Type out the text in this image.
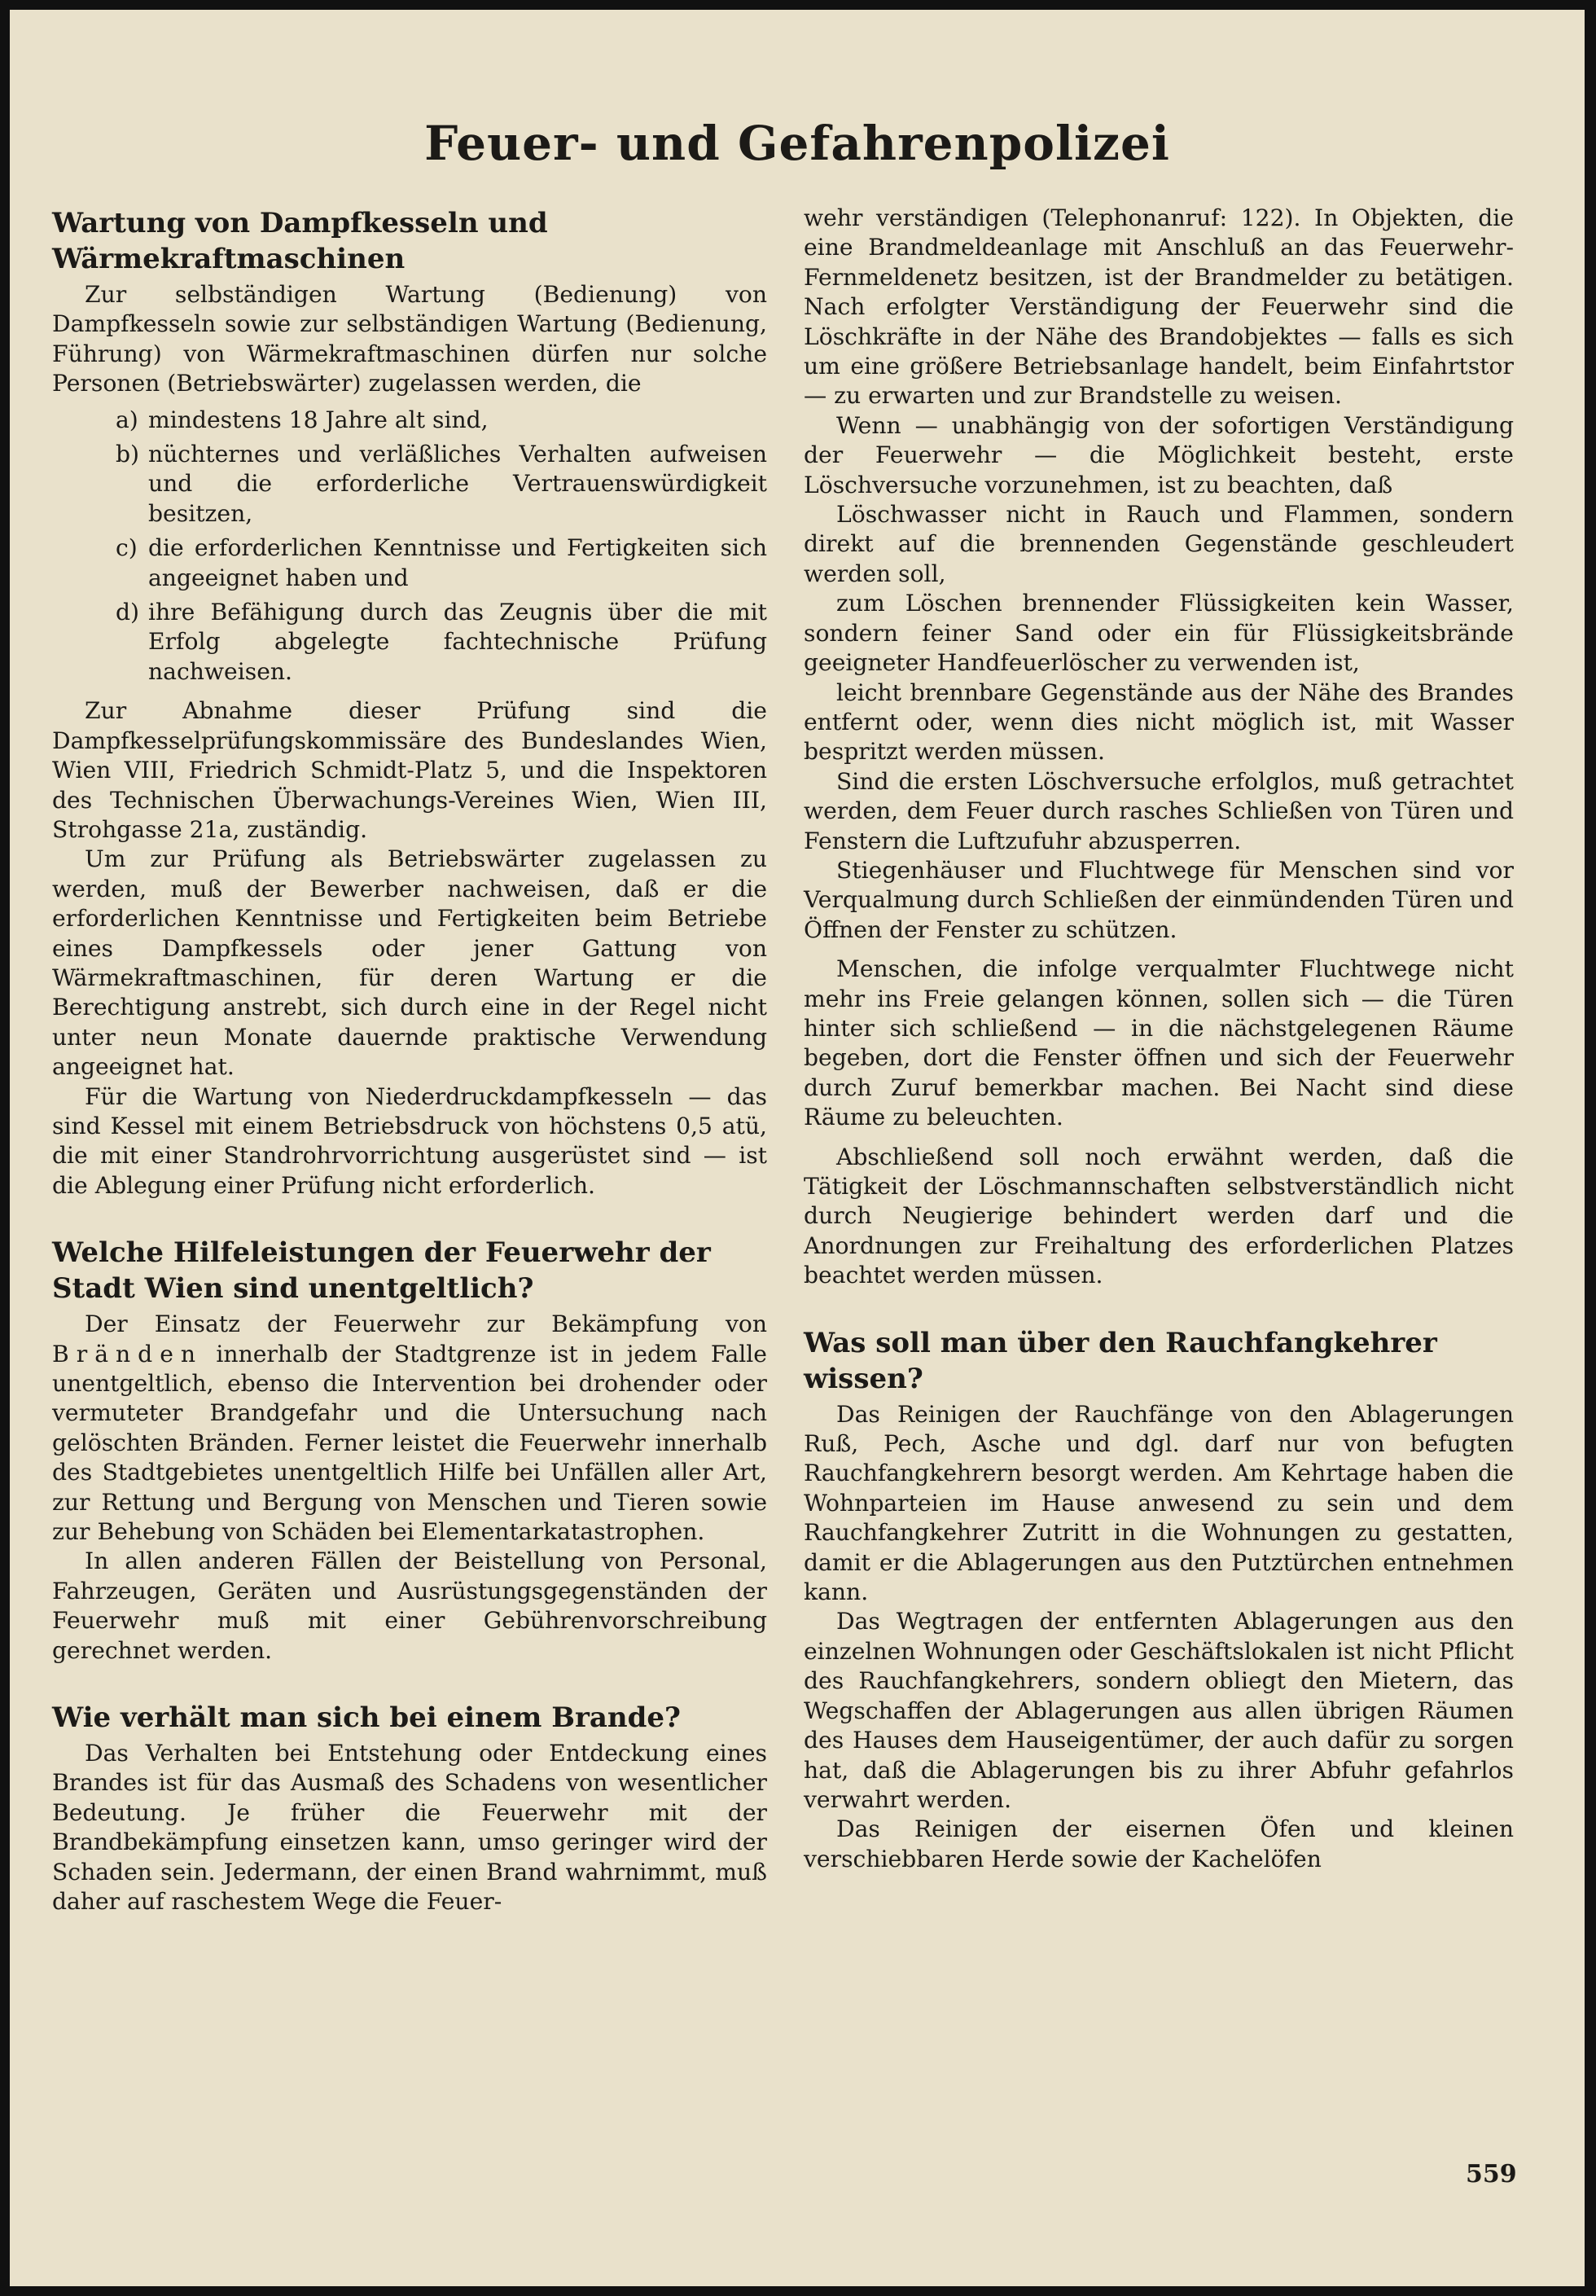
Feuer- und Gefahrenpolizei
Wartung von Dampfkesseln und Wärmekraftmaschinen

Zur selbständigen Wartung (Bedienung) von Dampfkesseln sowie zur selbständigen Wartung (Bedienung, Führung) von Wärmekraftmaschinen dürfen nur solche Personen (Betriebswärter) zugelassen werden, die

a) mindestens 18 Jahre alt sind,
b) nüchternes und verläßliches Verhalten aufweisen und die erforderliche Vertrauenswürdigkeit besitzen,
c) die erforderlichen Kenntnisse und Fertigkeiten sich angeeignet haben und
d) ihre Befähigung durch das Zeugnis über die mit Erfolg abgelegte fachtechnische Prüfung nachweisen.

Zur Abnahme dieser Prüfung sind die Dampfkesselprüfungskommissäre des Bundeslandes Wien, Wien VIII, Friedrich Schmidt-Platz 5, und die Inspektoren des Technischen Überwachungs-Vereines Wien, Wien III, Strohgasse 21a, zuständig.

Um zur Prüfung als Betriebswärter zugelassen zu werden, muß der Bewerber nachweisen, daß er die erforderlichen Kenntnisse und Fertigkeiten beim Betriebe eines Dampfkessels oder jener Gattung von Wärmekraftmaschinen, für deren Wartung er die Berechtigung anstrebt, sich durch eine in der Regel nicht unter neun Monate dauernde praktische Verwendung angeeignet hat.

Für die Wartung von Niederdruckdampfkesseln — das sind Kessel mit einem Betriebsdruck von höchstens 0,5 atü, die mit einer Standrohrvorrichtung ausgerüstet sind — ist die Ablegung einer Prüfung nicht erforderlich.

Welche Hilfeleistungen der Feuerwehr der Stadt Wien sind unentgeltlich?

Der Einsatz der Feuerwehr zur Bekämpfung von Bränden innerhalb der Stadtgrenze ist in jedem Falle unentgeltlich, ebenso die Intervention bei drohender oder vermuteter Brandgefahr und die Untersuchung nach gelöschten Bränden. Ferner leistet die Feuerwehr innerhalb des Stadtgebietes unentgeltlich Hilfe bei Unfällen aller Art, zur Rettung und Bergung von Menschen und Tieren sowie zur Behebung von Schäden bei Elementarkatastrophen.

In allen anderen Fällen der Beistellung von Personal, Fahrzeugen, Geräten und Ausrüstungsgegenständen der Feuerwehr muß mit einer Gebührenvorschreibung gerechnet werden.

Wie verhält man sich bei einem Brande?

Das Verhalten bei Entstehung oder Entdeckung eines Brandes ist für das Ausmaß des Schadens von wesentlicher Bedeutung. Je früher die Feuerwehr mit der Brandbekämpfung einsetzen kann, umso geringer wird der Schaden sein. Jedermann, der einen Brand wahrnimmt, muß daher auf raschestem Wege die Feuer-

wehr verständigen (Telephonanruf: 122). In Objekten, die eine Brandmeldeanlage mit Anschluß an das Feuerwehr-Fernmeldenetz besitzen, ist der Brandmelder zu betätigen. Nach erfolgter Verständigung der Feuerwehr sind die Löschkräfte in der Nähe des Brandobjektes — falls es sich um eine größere Betriebsanlage handelt, beim Einfahrtstor — zu erwarten und zur Brandstelle zu weisen.

Wenn — unabhängig von der sofortigen Verständigung der Feuerwehr — die Möglichkeit besteht, erste Löschversuche vorzunehmen, ist zu beachten, daß

Löschwasser nicht in Rauch und Flammen, sondern direkt auf die brennenden Gegenstände geschleudert werden soll,

zum Löschen brennender Flüssigkeiten kein Wasser, sondern feiner Sand oder ein für Flüssigkeitsbrände geeigneter Handfeuerlöscher zu verwenden ist,

leicht brennbare Gegenstände aus der Nähe des Brandes entfernt oder, wenn dies nicht möglich ist, mit Wasser bespritzt werden müssen.

Sind die ersten Löschversuche erfolglos, muß getrachtet werden, dem Feuer durch rasches Schließen von Türen und Fenstern die Luftzufuhr abzusperren.

Stiegenhäuser und Fluchtwege für Menschen sind vor Verqualmung durch Schließen der einmündenden Türen und Öffnen der Fenster zu schützen.

Menschen, die infolge verqualmter Fluchtwege nicht mehr ins Freie gelangen können, sollen sich — die Türen hinter sich schließend — in die nächstgelegenen Räume begeben, dort die Fenster öffnen und sich der Feuerwehr durch Zuruf bemerkbar machen. Bei Nacht sind diese Räume zu beleuchten.

Abschließend soll noch erwähnt werden, daß die Tätigkeit der Löschmannschaften selbstverständlich nicht durch Neugierige behindert werden darf und die Anordnungen zur Freihaltung des erforderlichen Platzes beachtet werden müssen.

Was soll man über den Rauchfangkehrer wissen?

Das Reinigen der Rauchfänge von den Ablagerungen Ruß, Pech, Asche und dgl. darf nur von befugten Rauchfangkehrern besorgt werden. Am Kehrtage haben die Wohnparteien im Hause anwesend zu sein und dem Rauchfangkehrer Zutritt in die Wohnungen zu gestatten, damit er die Ablagerungen aus den Putztürchen entnehmen kann.

Das Wegtragen der entfernten Ablagerungen aus den einzelnen Wohnungen oder Geschäftslokalen ist nicht Pflicht des Rauchfangkehrers, sondern obliegt den Mietern, das Wegschaffen der Ablagerungen aus allen übrigen Räumen des Hauses dem Hauseigentümer, der auch dafür zu sorgen hat, daß die Ablagerungen bis zu ihrer Abfuhr gefahrlos verwahrt werden.

Das Reinigen der eisernen Öfen und kleinen verschiebbaren Herde sowie der Kachelöfen

559
